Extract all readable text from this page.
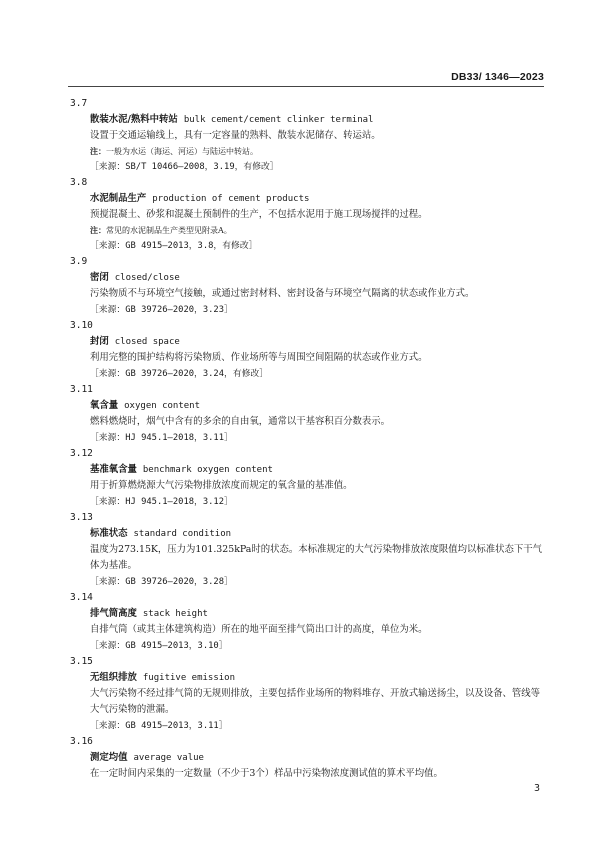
DB33/ 1346—2023
3.7
散装水泥/熟料中转站 bulk cement/cement clinker terminal
设置于交通运输线上，具有一定容量的熟料、散装水泥储存、转运站。
注：一般为水运（海运、河运）与陆运中转站。
［来源：SB/T 10466—2008，3.19，有修改］
3.8
水泥制品生产 production of cement products
预搅混凝土、砂浆和混凝土预制件的生产，不包括水泥用于施工现场搅拌的过程。
注：常见的水泥制品生产类型见附录A。
［来源：GB 4915—2013，3.8，有修改］
3.9
密闭 closed/close
污染物质不与环境空气接触，或通过密封材料、密封设备与环境空气隔离的状态或作业方式。
［来源：GB 39726—2020，3.23］
3.10
封闭 closed space
利用完整的围护结构将污染物质、作业场所等与周围空间阻隔的状态或作业方式。
［来源：GB 39726—2020，3.24，有修改］
3.11
氧含量 oxygen content
燃料燃烧时，烟气中含有的多余的自由氧，通常以干基容积百分数表示。
［来源：HJ 945.1—2018，3.11］
3.12
基准氧含量 benchmark oxygen content
用于折算燃烧源大气污染物排放浓度而规定的氧含量的基准值。
［来源：HJ 945.1—2018，3.12］
3.13
标准状态 standard condition
温度为273.15K，压力为101.325kPa时的状态。本标准规定的大气污染物排放浓度限值均以标准状态下干气体为基准。
［来源：GB 39726—2020，3.28］
3.14
排气筒高度 stack height
自排气筒（或其主体建筑构造）所在的地平面至排气筒出口计的高度，单位为米。
［来源：GB 4915—2013，3.10］
3.15
无组织排放 fugitive emission
大气污染物不经过排气筒的无规则排放，主要包括作业场所的物料堆存、开放式输送扬尘，以及设备、管线等大气污染物的泄漏。
［来源：GB 4915—2013，3.11］
3.16
测定均值 average value
在一定时间内采集的一定数量（不少于3个）样品中污染物浓度测试值的算术平均值。
3
